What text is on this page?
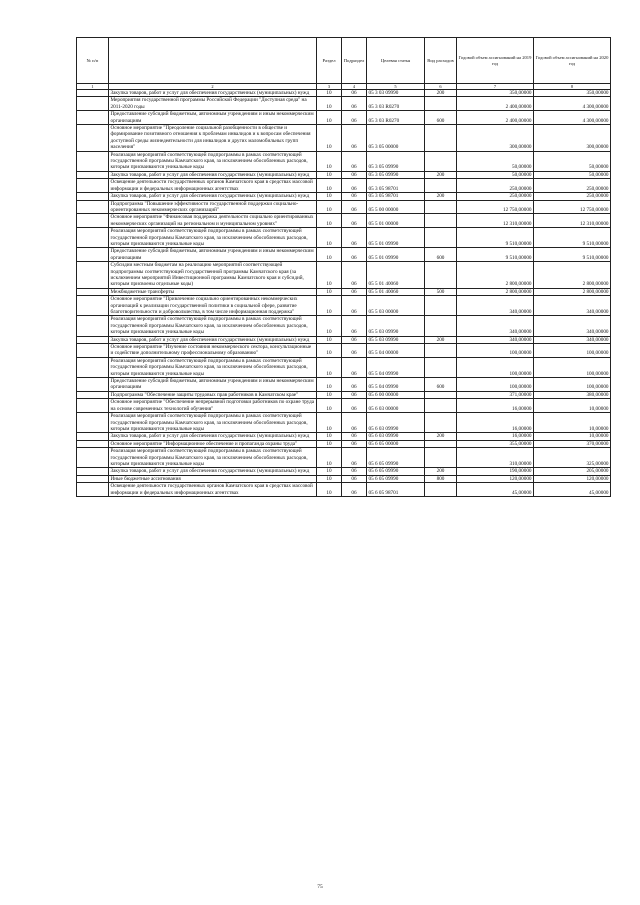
№ п/п		Раздел	Подраздел	Целевая статья	Вид расходов	Годовой объем ассигнований на 2019 год	Годовой объем ассигнований на 2020 год
1	2	3	4	5	6	7	8
	Закупка товаров, работ и услуг для обеспечения государственных (муниципальных) нужд	10	06	05 3 03 09990	200	350,00000	350,00000
	Мероприятия государственной программы Российской Федерации "Доступная среда" на 2011-2020 годы	10	06	05 3 03 R0270		2 400,00000	4 300,00000
	Предоставление субсидий бюджетным, автономным учреждениям и иным некоммерческим организациям	10	06	05 3 03 R0270	600	2 400,00000	4 300,00000
	Основное мероприятие "Преодоление социальной разобщенности в обществе и формирование позитивного отношения к проблемам инвалидов и к вопросам обеспечения доступной среды жизнедеятельности для инвалидов и других маломобильных групп населения"	10	06	05 3 05 00000		300,00000	300,00000
	Реализация мероприятий соответствующей подпрограммы в рамках соответствующей государственной программы Камчатского края, за исключением обособленных расходов, которым присваиваются уникальные коды	10	06	05 3 05 09990		50,00000	50,00000
	Закупка товаров, работ и услуг для обеспечения государственных (муниципальных) нужд	10	06	05 3 05 09990	200	50,00000	50,00000
	Освещение деятельности государственных органов Камчатского края в средствах массовой информации и федеральных информационных агентствах	10	06	05 3 05 98701		250,00000	250,00000
	Закупка товаров, работ и услуг для обеспечения государственных (муниципальных) нужд	10	06	05 3 05 98701	200	250,00000	250,00000
	Подпрограмма "Повышение эффективности государственной поддержки социально-ориентированных некоммерческих организаций"	10	06	05 5 00 00000		12 750,00000	12 750,00000
	Основное мероприятие "Финансовая поддержка деятельности социально ориентированных некоммерческих организаций на региональном и муниципальном уровнях"	10	06	05 5 01 00000		12 310,00000	12 310,00000
	Реализация мероприятий соответствующей подпрограммы в рамках соответствующей государственной программы Камчатского края, за исключением обособленных расходов, которым присваиваются уникальные коды	10	06	05 5 01 09990		9 510,00000	9 510,00000
	Предоставление субсидий бюджетным, автономным учреждениям и иным некоммерческим организациям	10	06	05 5 01 09990	600	9 510,00000	9 510,00000
	Субсидии местным бюджетам на реализацию мероприятий соответствующей подпрограммы соответствующей государственной программы Камчатского края (за исключением мероприятий Инвестиционной программы Камчатского края и субсидий, которым присвоены отдельные коды)	10	06	05 5 01 40060		2 800,00000	2 800,00000
	Межбюджетные трансферты	10	06	05 5 01 40060	500	2 800,00000	2 800,00000
	Основное мероприятие "Привлечение социально ориентированных некоммерческих организаций к реализации государственной политики в социальной сфере, развитие благотворительности и добровольчества, в том числе информационная поддержка"	10	06	05 5 03 00000		340,00000	340,00000
	Реализация мероприятий соответствующей подпрограммы в рамках соответствующей государственной программы Камчатского края, за исключением обособленных расходов, которым присваиваются уникальные коды	10	06	05 5 03 09990		340,00000	340,00000
	Закупка товаров, работ и услуг для обеспечения государственных (муниципальных) нужд	10	06	05 5 03 09990	200	340,00000	340,00000
	Основное мероприятие "Изучение состояния некоммерческого сектора, консультационные и содействие дополнительному профессиональному образованию"	10	06	05 5 04 00000		100,00000	100,00000
	Реализация мероприятий соответствующей подпрограммы в рамках соответствующей государственной программы Камчатского края, за исключением обособленных расходов, которым присваиваются уникальные коды	10	06	05 5 04 09990		100,00000	100,00000
	Предоставление субсидий бюджетным, автономным учреждениям и иным некоммерческим организациям	10	06	05 5 04 09990	600	100,00000	100,00000
	Подпрограмма "Обеспечение защиты трудовых прав работников в Камчатском крае"	10	06	05 6 00 00000		371,00000	380,00000
	Основное мероприятие "Обеспечение непрерывной подготовки работников по охране труда на основе современных технологий обучения"	10	06	05 6 03 00000		16,00000	10,00000
	Реализация мероприятий соответствующей подпрограммы в рамках соответствующей государственной программы Камчатского края, за исключением обособленных расходов, которым присваиваются уникальные коды	10	06	05 6 03 09990		16,00000	10,00000
	Закупка товаров, работ и услуг для обеспечения государственных (муниципальных) нужд	10	06	05 6 03 09990	200	16,00000	10,00000
	Основное мероприятие "Информационное обеспечение и пропаганда охраны труда"	10	06	05 6 05 00000		355,00000	370,00000
	Реализация мероприятий соответствующей подпрограммы в рамках соответствующей государственной программы Камчатского края, за исключением обособленных расходов, которым присваиваются уникальные коды	10	06	05 6 05 09990		310,00000	325,00000
	Закупка товаров, работ и услуг для обеспечения государственных (муниципальных) нужд	10	06	05 6 05 09990	200	190,00000	205,00000
	Иные бюджетные ассигнования	10	06	05 6 05 09990	800	120,00000	120,00000
	Освещение деятельности государственных органов Камчатского края в средствах массовой информации и федеральных информационных агентствах	10	06	05 6 05 98701		45,00000	45,00000
75
